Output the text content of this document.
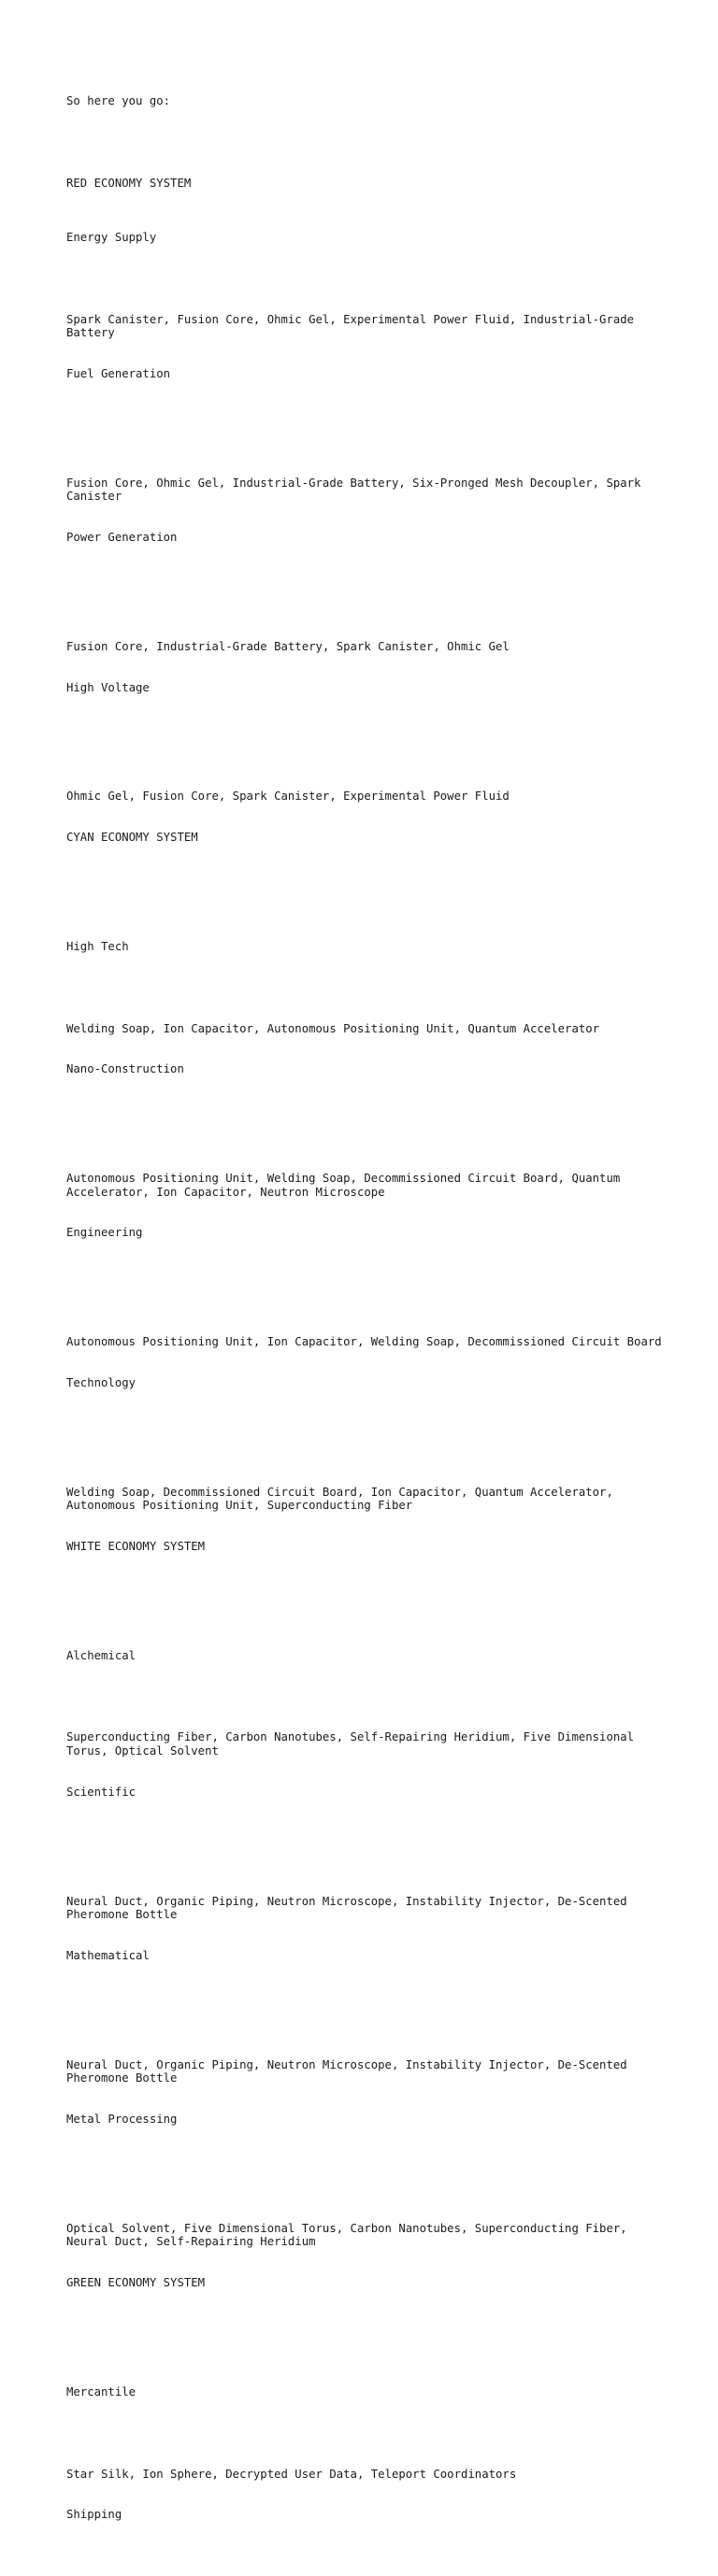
So here you go:

RED ECONOMY SYSTEM

Energy Supply

Spark Canister, Fusion Core, Ohmic Gel, Experimental Power Fluid, Industrial-Grade Battery

Fuel Generation

Fusion Core, Ohmic Gel, Industrial-Grade Battery, Six-Pronged Mesh Decoupler, Spark Canister

Power Generation

Fusion Core, Industrial-Grade Battery, Spark Canister, Ohmic Gel

High Voltage

Ohmic Gel, Fusion Core, Spark Canister, Experimental Power Fluid

CYAN ECONOMY SYSTEM

High Tech

Welding Soap, Ion Capacitor, Autonomous Positioning Unit, Quantum Accelerator

Nano-Construction

Autonomous Positioning Unit, Welding Soap, Decommissioned Circuit Board, Quantum Accelerator, Ion Capacitor, Neutron Microscope

Engineering

Autonomous Positioning Unit, Ion Capacitor, Welding Soap, Decommissioned Circuit Board

Technology

Welding Soap, Decommissioned Circuit Board, Ion Capacitor, Quantum Accelerator, Autonomous Positioning Unit, Superconducting Fiber

WHITE ECONOMY SYSTEM

Alchemical

Superconducting Fiber, Carbon Nanotubes, Self-Repairing Heridium, Five Dimensional Torus, Optical Solvent

Scientific

Neural Duct, Organic Piping, Neutron Microscope, Instability Injector, De-Scented Pheromone Bottle

Mathematical

Neural Duct, Organic Piping, Neutron Microscope, Instability Injector, De-Scented Pheromone Bottle

Metal Processing

Optical Solvent, Five Dimensional Torus, Carbon Nanotubes, Superconducting Fiber, Neural Duct, Self-Repairing Heridium

GREEN ECONOMY SYSTEM

Mercantile

Star Silk, Ion Sphere, Decrypted User Data, Teleport Coordinators

Shipping
